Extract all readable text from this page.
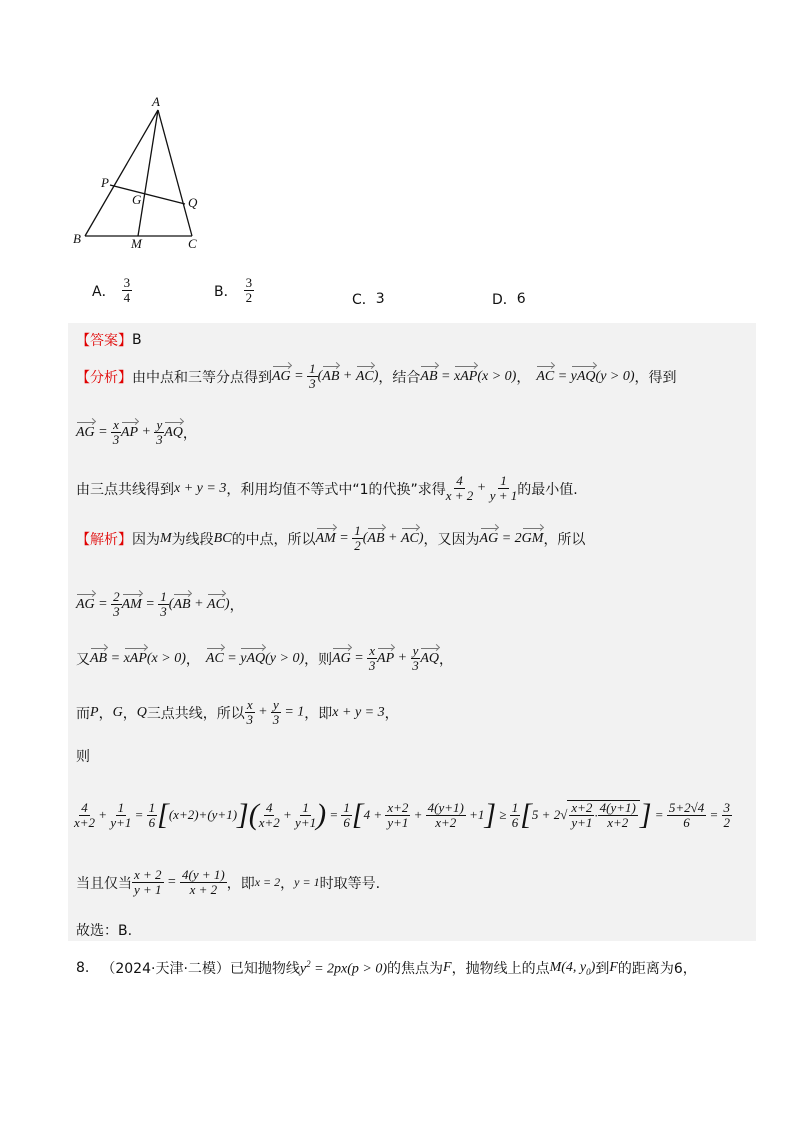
A
B	C
M
P
Q
G
A． $\frac{3}{4}$	B． $\frac{3}{2}$	C． 3	D． 6
【答案】 B
【分析】 由中点和三等分点得到 AG = $\frac{1}{3} (AB + AC)$ ，结合 AB = xAP(x > 0) ， AC = yAQ(y > 0) ，得到
AG = $\frac{x}{3}$ AP + $\frac{y}{3}$ AQ ，
由三点共线得到 x + y = 3 ，利用均值不等式中“1的代换”求得 $\frac{4}{x + 2} + \frac{1}{y + 1}$ 的最小值.
【解析】 因为 M 为线段 BC 的中点，所以 AM = $\frac{1}{2} (AB + AC)$ ，又因为 AG = 2GM ，所以
AG = $\frac{2}{3}$ AM = $\frac{1}{3} (AB + AC)$ ，
又 AB = xAP(x > 0) ， AC = yAQ(y > 0) ，则 AG = $\frac{x}{3}$ AP + $\frac{y}{3}$ AQ ，
而 P ， G ， Q 三点共线，所以 $\frac{x}{3} + \frac{y}{3} = 1$ ，即 x + y = 3 ，
则
$\frac{4}{x+2} + \frac{1}{y+1} = \frac{1}{6}$ [ (x+2)+(y+1) ] ( $\frac{4}{x+2} + \frac{1}{y+1}$ ) = $\frac{1}{6}$ [ $4 + \frac{x+2}{y+1} + \frac{4(y+1)}{x+2} +1$ ] ≥ $\frac{1}{6}$ [ 5 + 2 √ $\frac{x+2}{y+1} \cdot \frac{4(y+1)}{x+2}$ ] = $\frac{5+2√4}{6} = \frac{3}{2}$
当且仅当 $\frac{x + 2}{y + 1} = \frac{4(y + 1)}{x + 2}$ ，即 x = 2 ， y = 1 时取等号.
故选：B.
8. （2024·天津·二模） 已知抛物线 $y^2 = 2px(p > 0)$ 的焦点为 F ，抛物线上的点 M(4, $y_0$) 到 F 的距离为6，
